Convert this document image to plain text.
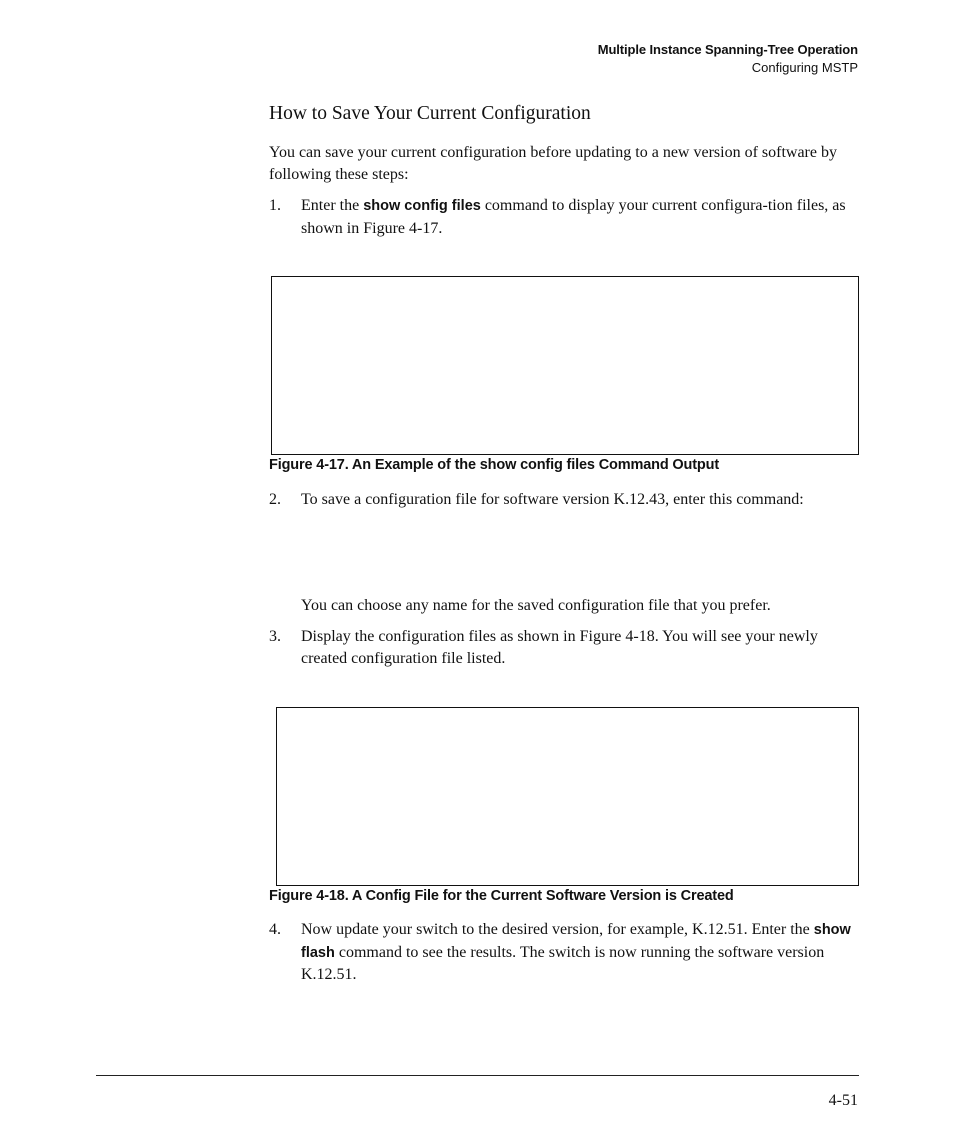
Multiple Instance Spanning-Tree Operation
Configuring MSTP
How to Save Your Current Configuration
You can save your current configuration before updating to a new version of software by following these steps:
1. Enter the show config files command to display your current configura-tion files, as shown in Figure 4-17.
Figure 4-17. An Example of the show config files Command Output
2. To save a configuration file for software version K.12.43, enter this command:
You can choose any name for the saved configuration file that you prefer.
3. Display the configuration files as shown in Figure 4-18. You will see your newly created configuration file listed.
Figure 4-18. A Config File for the Current Software Version is Created
4. Now update your switch to the desired version, for example, K.12.51. Enter the show flash command to see the results. The switch is now running the software version K.12.51.
4-51
